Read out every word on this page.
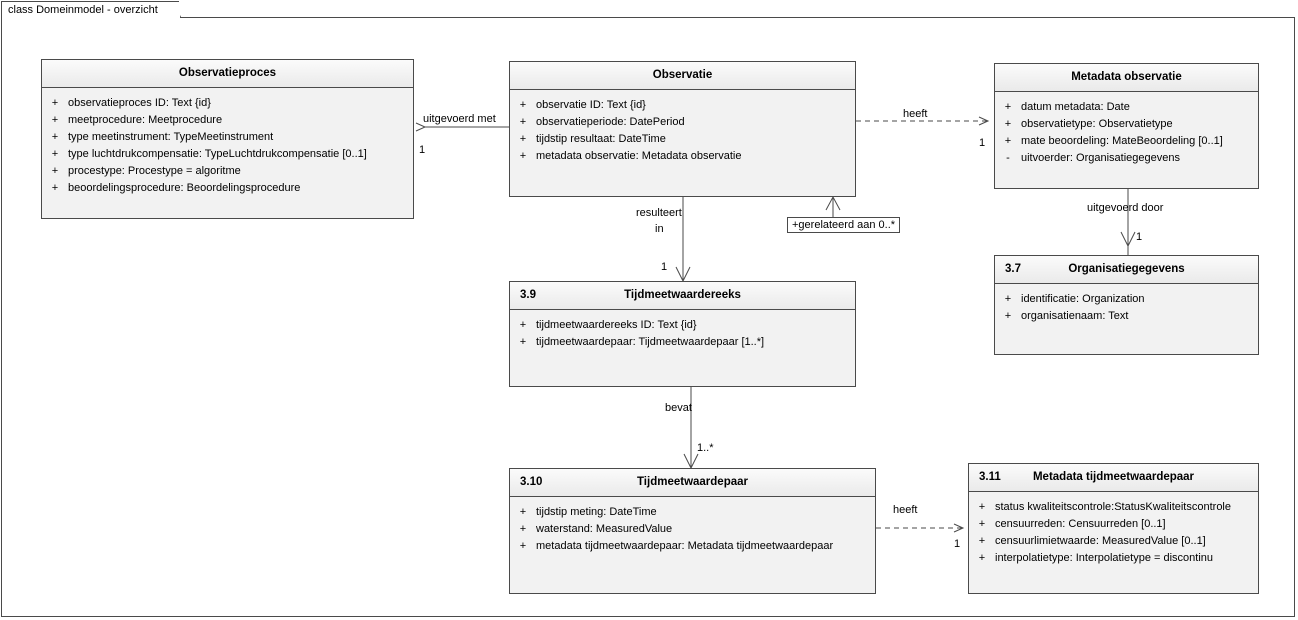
class Domeinmodel - overzicht
uitgevoerd met
1
heeft
1
uitgevoerd door
1
+gerelateerd aan 0..*
resulteert
in
1
bevat
1..*
heeft
1
Observatieproces
+ observatieproces ID: Text {id}
+ meetprocedure: Meetprocedure
+ type meetinstrument: TypeMeetinstrument
+ type luchtdrukcompensatie: TypeLuchtdrukcompensatie [0..1]
+ procestype: Procestype = algoritme
+ beoordelingsprocedure: Beoordelingsprocedure
Observatie
+ observatie ID: Text {id}
+ observatieperiode: DatePeriod
+ tijdstip resultaat: DateTime
+ metadata observatie: Metadata observatie
Metadata observatie
+ datum metadata: Date
+ observatietype: Observatietype
+ mate beoordeling: MateBeoordeling [0..1]
-	uitvoerder: Organisatiegegevens
3.7	Organisatiegegevens
+ identificatie: Organization
+ organisatienaam: Text
3.9	Tijdmeetwaardereeks
+ tijdmeetwaardereeks ID: Text {id}
+ tijdmeetwaardepaar: Tijdmeetwaardepaar [1..*]
3.10	Tijdmeetwaardepaar
+ tijdstip meting: DateTime
+ waterstand: MeasuredValue
+ metadata tijdmeetwaardepaar: Metadata tijdmeetwaardepaar
3.11	Metadata tijdmeetwaardepaar
+ status kwaliteitscontrole:StatusKwaliteitscontrole
+ censuurreden: Censuurreden [0..1]
+ censuurlimietwaarde: MeasuredValue [0..1]
+ interpolatietype: Interpolatietype = discontinu
